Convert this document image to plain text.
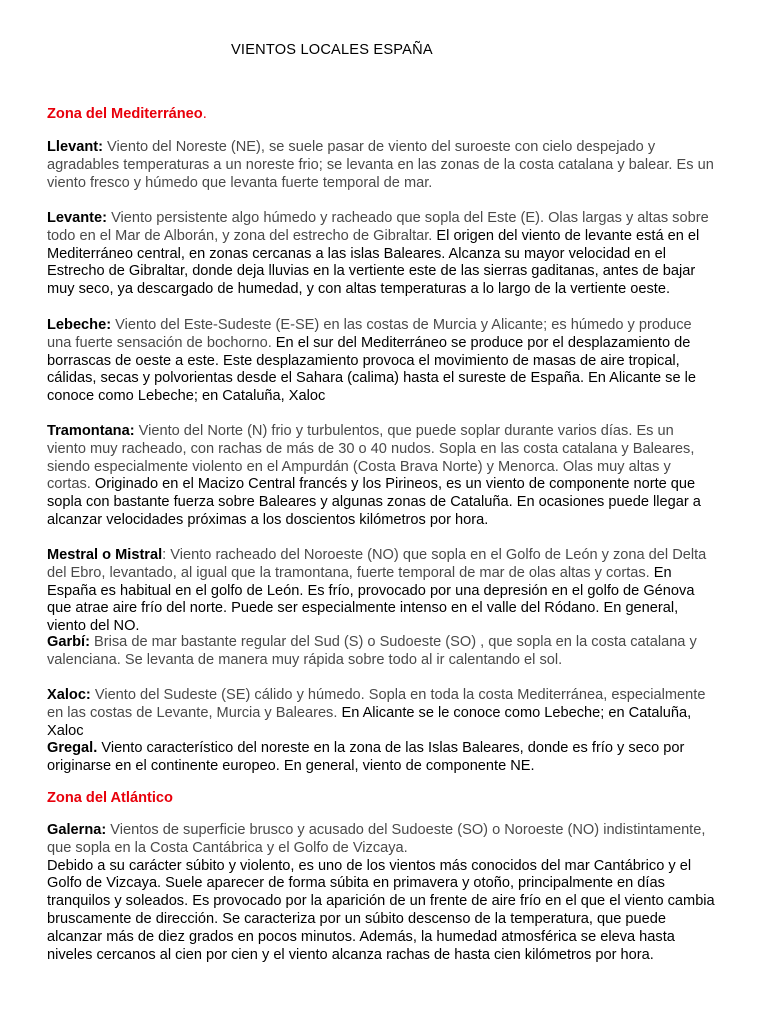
VIENTOS LOCALES ESPAÑA
Zona del Mediterráneo.

Llevant: Viento del Noreste (NE), se suele pasar de viento del suroeste con cielo despejado y agradables temperaturas a un noreste frio; se levanta en las zonas de la costa catalana y balear. Es un viento fresco y húmedo que levanta fuerte temporal de mar.

Levante: Viento persistente algo húmedo y racheado que sopla del Este (E). Olas largas y altas sobre todo en el Mar de Alborán, y zona del estrecho de Gibraltar. El origen del viento de levante está en el Mediterráneo central, en zonas cercanas a las islas Baleares. Alcanza su mayor velocidad en el Estrecho de Gibraltar, donde deja lluvias en la vertiente este de las sierras gaditanas, antes de bajar muy seco, ya descargado de humedad, y con altas temperaturas a lo largo de la vertiente oeste.

Lebeche: Viento del Este-Sudeste (E-SE) en las costas de Murcia y Alicante; es húmedo y produce una fuerte sensación de bochorno. En el sur del Mediterráneo se produce por el desplazamiento de borrascas de oeste a este. Este desplazamiento provoca el movimiento de masas de aire tropical, cálidas, secas y polvorientas desde el Sahara (calima) hasta el sureste de España. En Alicante se le conoce como Lebeche; en Cataluña, Xaloc

Tramontana: Viento del Norte (N) frio y turbulentos, que puede soplar durante varios días. Es un viento muy racheado, con rachas de más de 30 o 40 nudos. Sopla en las costa catalana y Baleares, siendo especialmente violento en el Ampurdán (Costa Brava Norte) y Menorca. Olas muy altas y cortas. Originado en el Macizo Central francés y los Pirineos, es un viento de componente norte que sopla con bastante fuerza sobre Baleares y algunas zonas de Cataluña. En ocasiones puede llegar a alcanzar velocidades próximas a los doscientos kilómetros por hora.

Mestral o Mistral: Viento racheado del Noroeste (NO) que sopla en el Golfo de León y zona del Delta del Ebro, levantado, al igual que la tramontana, fuerte temporal de mar de olas altas y cortas. En España es habitual en el golfo de León. Es frío, provocado por una depresión en el golfo de Génova que atrae aire frío del norte. Puede ser especialmente intenso en el valle del Ródano. En general, viento del NO.

Garbí: Brisa de mar bastante regular del Sud (S) o Sudoeste (SO) , que sopla en la costa catalana y valenciana. Se levanta de manera muy rápida sobre todo al ir calentando el sol.

Xaloc: Viento del Sudeste (SE) cálido y húmedo. Sopla en toda la costa Mediterránea, especialmente en las costas de Levante, Murcia y Baleares. En Alicante se le conoce como Lebeche; en Cataluña, Xaloc

Gregal. Viento característico del noreste en la zona de las Islas Baleares, donde es frío y seco por originarse en el continente europeo. En general, viento de componente NE.

Zona del Atlántico

Galerna: Vientos de superficie brusco y acusado del Sudoeste (SO) o Noroeste (NO) indistintamente, que sopla en la Costa Cantábrica y el Golfo de Vizcaya.
Debido a su carácter súbito y violento, es uno de los vientos más conocidos del mar Cantábrico y el Golfo de Vizcaya. Suele aparecer de forma súbita en primavera y otoño, principalmente en días tranquilos y soleados. Es provocado por la aparición de un frente de aire frío en el que el viento cambia bruscamente de dirección. Se caracteriza por un súbito descenso de la temperatura, que puede alcanzar más de diez grados en pocos minutos. Además, la humedad atmosférica se eleva hasta niveles cercanos al cien por cien y el viento alcanza rachas de hasta cien kilómetros por hora.
